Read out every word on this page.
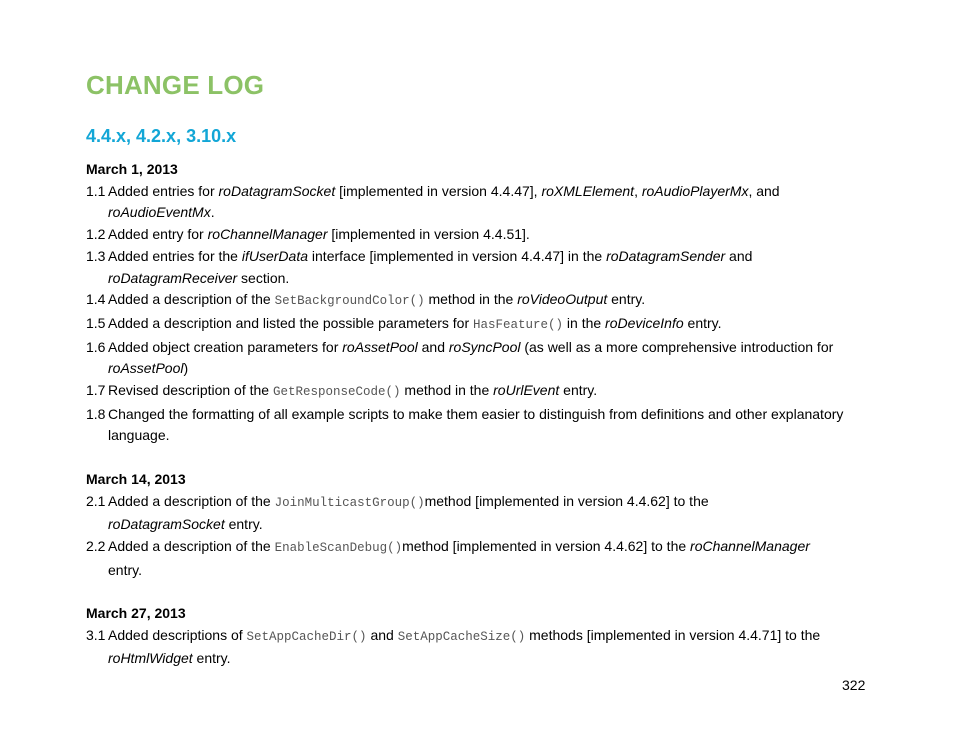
CHANGE LOG
4.4.x, 4.2.x, 3.10.x

March 1, 2013

1.1 Added entries for roDatagramSocket [implemented in version 4.4.47], roXMLElement, roAudioPlayerMx, and
roAudioEventMx.
1.2 Added entry for roChannelManager [implemented in version 4.4.51].
1.3 Added entries for the ifUserData interface [implemented in version 4.4.47] in the roDatagramSender and
roDatagramReceiver section.
1.4 Added a description of the SetBackgroundColor() method in the roVideoOutput entry.
1.5 Added a description and listed the possible parameters for HasFeature() in the roDeviceInfo entry.
1.6 Added object creation parameters for roAssetPool and roSyncPool (as well as a more comprehensive introduction for
roAssetPool)
1.7 Revised description of the GetResponseCode() method in the roUrlEvent entry.
1.8 Changed the formatting of all example scripts to make them easier to distinguish from definitions and other explanatory language.

March 14, 2013

2.1 Added a description of the JoinMulticastGroup()method [implemented in version 4.4.62] to the
roDatagramSocket entry.
2.2 Added a description of the EnableScanDebug()method [implemented in version 4.4.62] to the roChannelManager
entry.

March 27, 2013

3.1 Added descriptions of SetAppCacheDir() and SetAppCacheSize() methods [implemented in version 4.4.71] to the
roHtmlWidget entry.
322
